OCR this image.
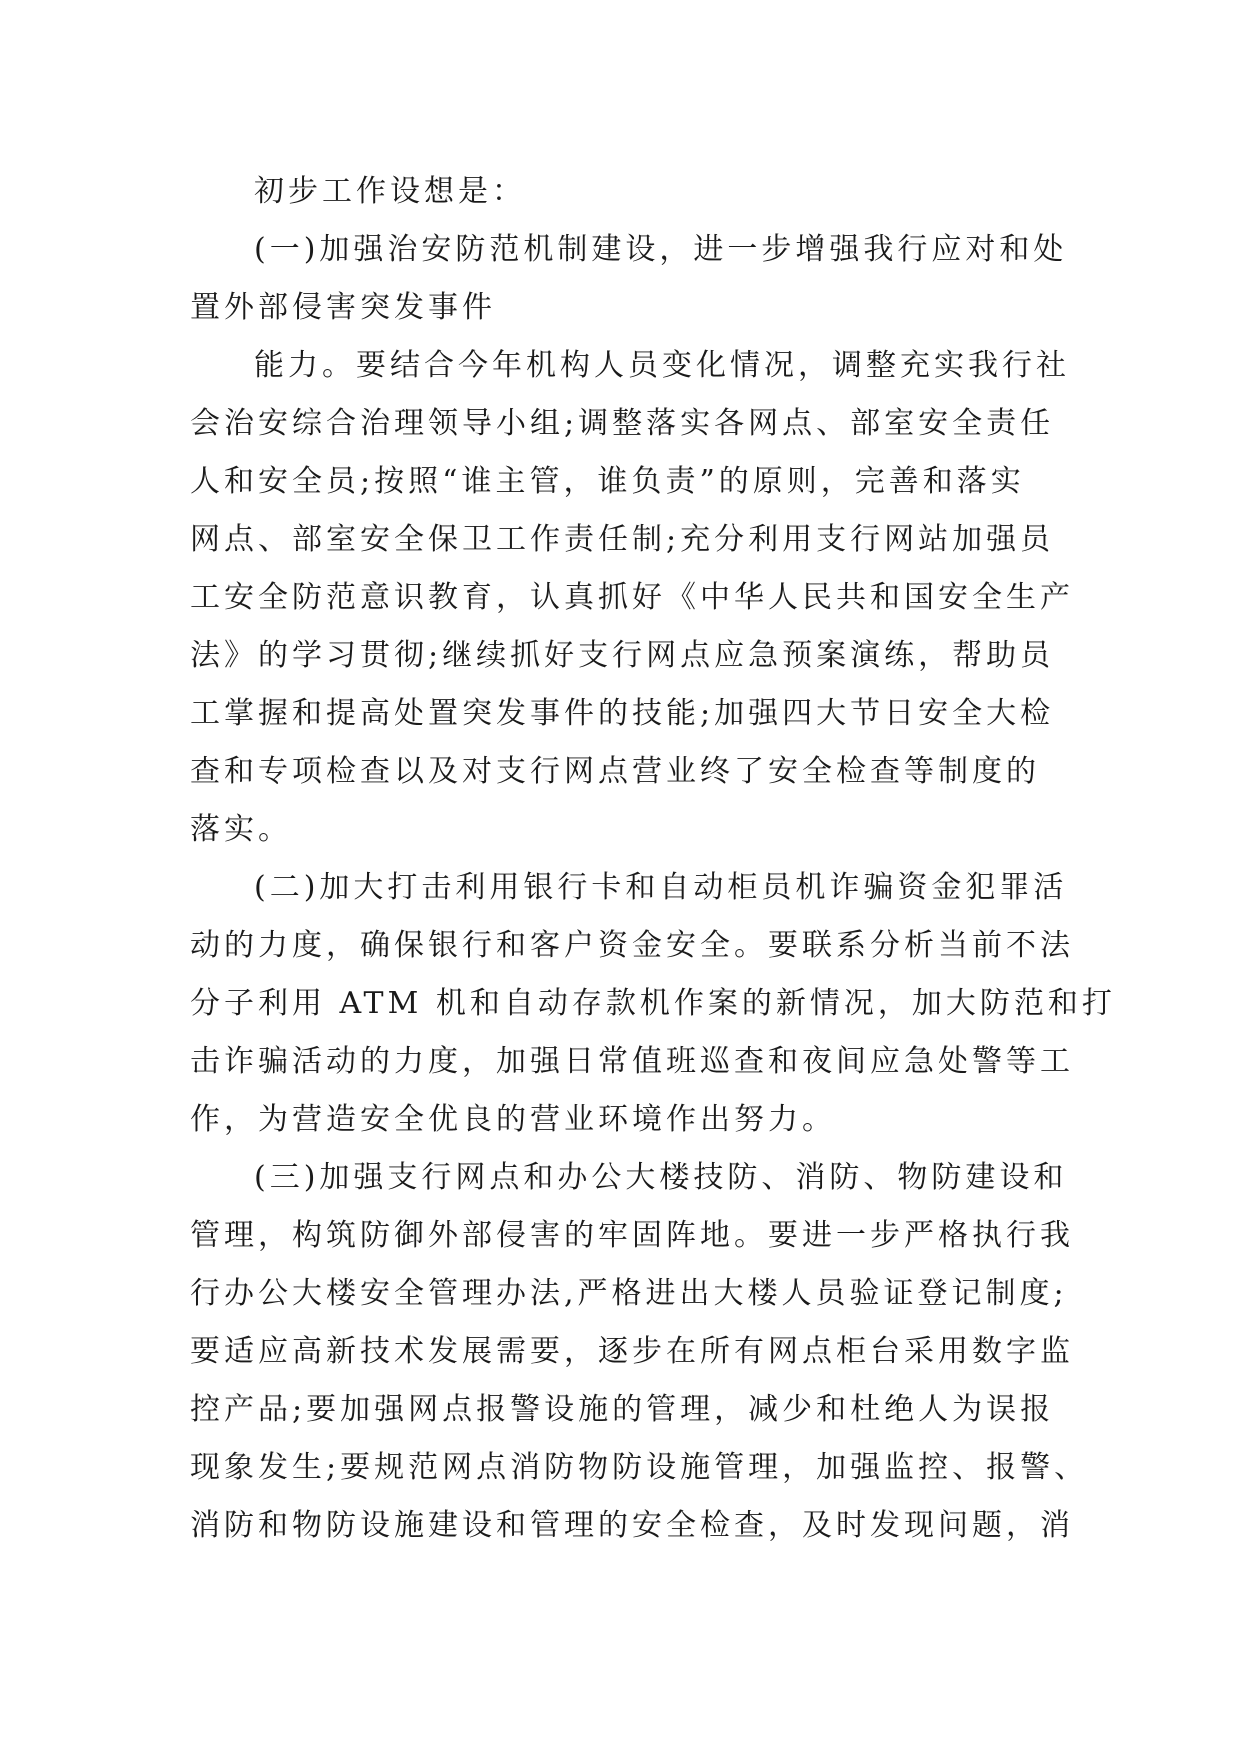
初步工作设想是：
(一)加强治安防范机制建设，进一步增强我行应对和处
置外部侵害突发事件
能力。要结合今年机构人员变化情况，调整充实我行社
会治安综合治理领导小组;调整落实各网点、部室安全责任
人和安全员;按照“谁主管，谁负责”的原则，完善和落实
网点、部室安全保卫工作责任制;充分利用支行网站加强员
工安全防范意识教育，认真抓好《中华人民共和国安全生产
法》的学习贯彻;继续抓好支行网点应急预案演练，帮助员
工掌握和提高处置突发事件的技能;加强四大节日安全大检
查和专项检查以及对支行网点营业终了安全检查等制度的
落实。
(二)加大打击利用银行卡和自动柜员机诈骗资金犯罪活
动的力度，确保银行和客户资金安全。要联系分析当前不法
分子利用 ATM 机和自动存款机作案的新情况，加大防范和打
击诈骗活动的力度，加强日常值班巡查和夜间应急处警等工
作，为营造安全优良的营业环境作出努力。
(三)加强支行网点和办公大楼技防、消防、物防建设和
管理，构筑防御外部侵害的牢固阵地。要进一步严格执行我
行办公大楼安全管理办法,严格进出大楼人员验证登记制度;
要适应高新技术发展需要，逐步在所有网点柜台采用数字监
控产品;要加强网点报警设施的管理，减少和杜绝人为误报
现象发生;要规范网点消防物防设施管理，加强监控、报警、
消防和物防设施建设和管理的安全检查，及时发现问题，消
